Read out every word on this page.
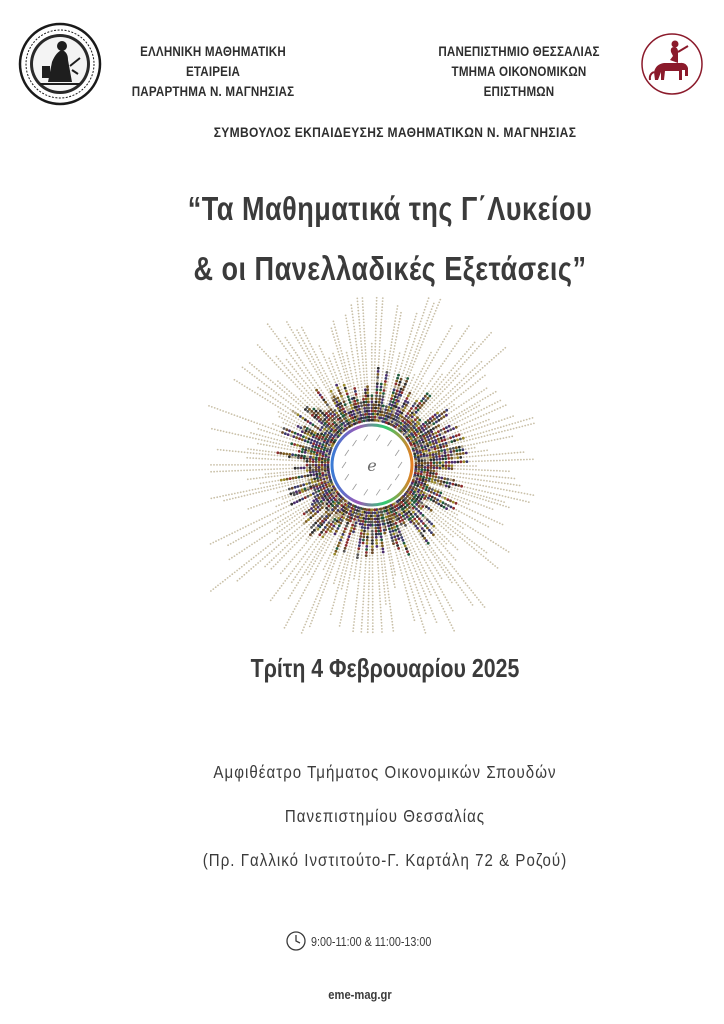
ΕΛΛΗΝΙΚΗ ΜΑΘΗΜΑΤΙΚΗ ΕΤΑΙΡΕΙΑ
ΠΑΡΑΡΤΗΜΑ Ν. ΜΑΓΝΗΣΙΑΣ
ΠΑΝΕΠΙΣΤΗΜΙΟ ΘΕΣΣΑΛΙΑΣ
ΤΜΗΜΑ ΟΙΚΟΝΟΜΙΚΩΝ ΕΠΙΣΤΗΜΩΝ
ΣΥΜΒΟΥΛΟΣ ΕΚΠΑΙΔΕΥΣΗΣ ΜΑΘΗΜΑΤΙΚΩΝ Ν. ΜΑΓΝΗΣΙΑΣ
“Τα Μαθηματικά της Γ΄Λυκείου
& οι Πανελλαδικές Εξετάσεις”
e
Τρίτη 4 Φεβρουαρίου 2025
Αμφιθέατρο Τμήματος Οικονομικών Σπουδών
Πανεπιστημίου Θεσσαλίας
(Πρ. Γαλλικό Ινστιτούτο-Γ. Καρτάλη 72 & Ροζού)
9:00-11:00 & 11:00-13:00
eme-mag.gr
